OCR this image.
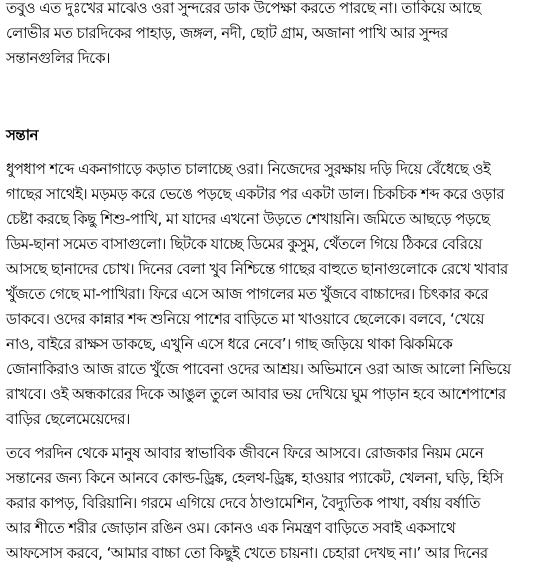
তবুও এত দুঃখের মাঝেও ওরা সুন্দরের ডাক উপেক্ষা করতে পারছে না। তাকিয়ে আছে
লোভীর মত চারদিকের পাহাড়, জঙ্গল, নদী, ছোট গ্রাম, অজানা পাখি আর সুন্দর
সন্তানগুলির দিকে।
সন্তান
ধুপধাপ শব্দে একনাগাড়ে কড়াত চালাচ্ছে ওরা। নিজেদের সুরক্ষায় দড়ি দিয়ে বেঁধেছে ওই
গাছের সাথেই। মড়মড় করে ভেঙে পড়ছে একটার পর একটা ডাল। চিকচিক শব্দ করে ওড়ার
চেষ্টা করছে কিছু শিশু-পাখি, মা যাদের এখনো উড়তে শেখায়নি। জমিতে আছড়ে পড়ছে
ডিম-ছানা সমেত বাসাগুলো। ছিটকে যাচ্ছে ডিমের কুসুম, থেঁতলে গিয়ে ঠিকরে বেরিয়ে
আসছে ছানাদের চোখ। দিনের বেলা খুব নিশ্চিন্তে গাছের বাহুতে ছানাগুলোকে রেখে খাবার
খুঁজতে গেছে মা-পাখিরা। ফিরে এসে আজ পাগলের মত খুঁজবে বাচ্চাদের। চিৎকার করে
ডাকবে। ওদের কান্নার শব্দ শুনিয়ে পাশের বাড়িতে মা খাওয়াবে ছেলেকে। বলবে, ‘খেয়ে
নাও, বাইরে রাক্ষস ডাকছে, এখুনি এসে ধরে নেবে’। গাছ জড়িয়ে থাকা ঝিকমিকে
জোনাকিরাও আজ রাতে খুঁজে পাবেনা ওদের আশ্রয়। অভিমানে ওরা আজ আলো নিভিয়ে
রাখবে। ওই অন্ধকারের দিকে আঙুল তুলে আবার ভয় দেখিয়ে ঘুম পাড়ান হবে আশেপাশের
বাড়ির ছেলেমেয়েদের।
তবে পরদিন থেকে মানুষ আবার স্বাভাবিক জীবনে ফিরে আসবে। রোজকার নিয়ম মেনে
সন্তানের জন্য কিনে আনবে কোল্ড-ড্রিঙ্ক, হেলথ-ড্রিঙ্ক, হাওয়ার প্যাকেট, খেলনা, ঘড়ি, হিসি
করার কাপড়, বিরিয়ানি। গরমে এগিয়ে দেবে ঠাণ্ডামেশিন, বৈদ্যুতিক পাখা, বর্ষায় বর্ষাতি
আর শীতে শরীর জোড়ান রঙিন ওম। কোনও এক নিমন্ত্রণ বাড়িতে সবাই একসাথে
আফসোস করবে, ‘আমার বাচ্চা তো কিছুই খেতে চায়না। চেহারা দেখছ না।’ আর দিনের
